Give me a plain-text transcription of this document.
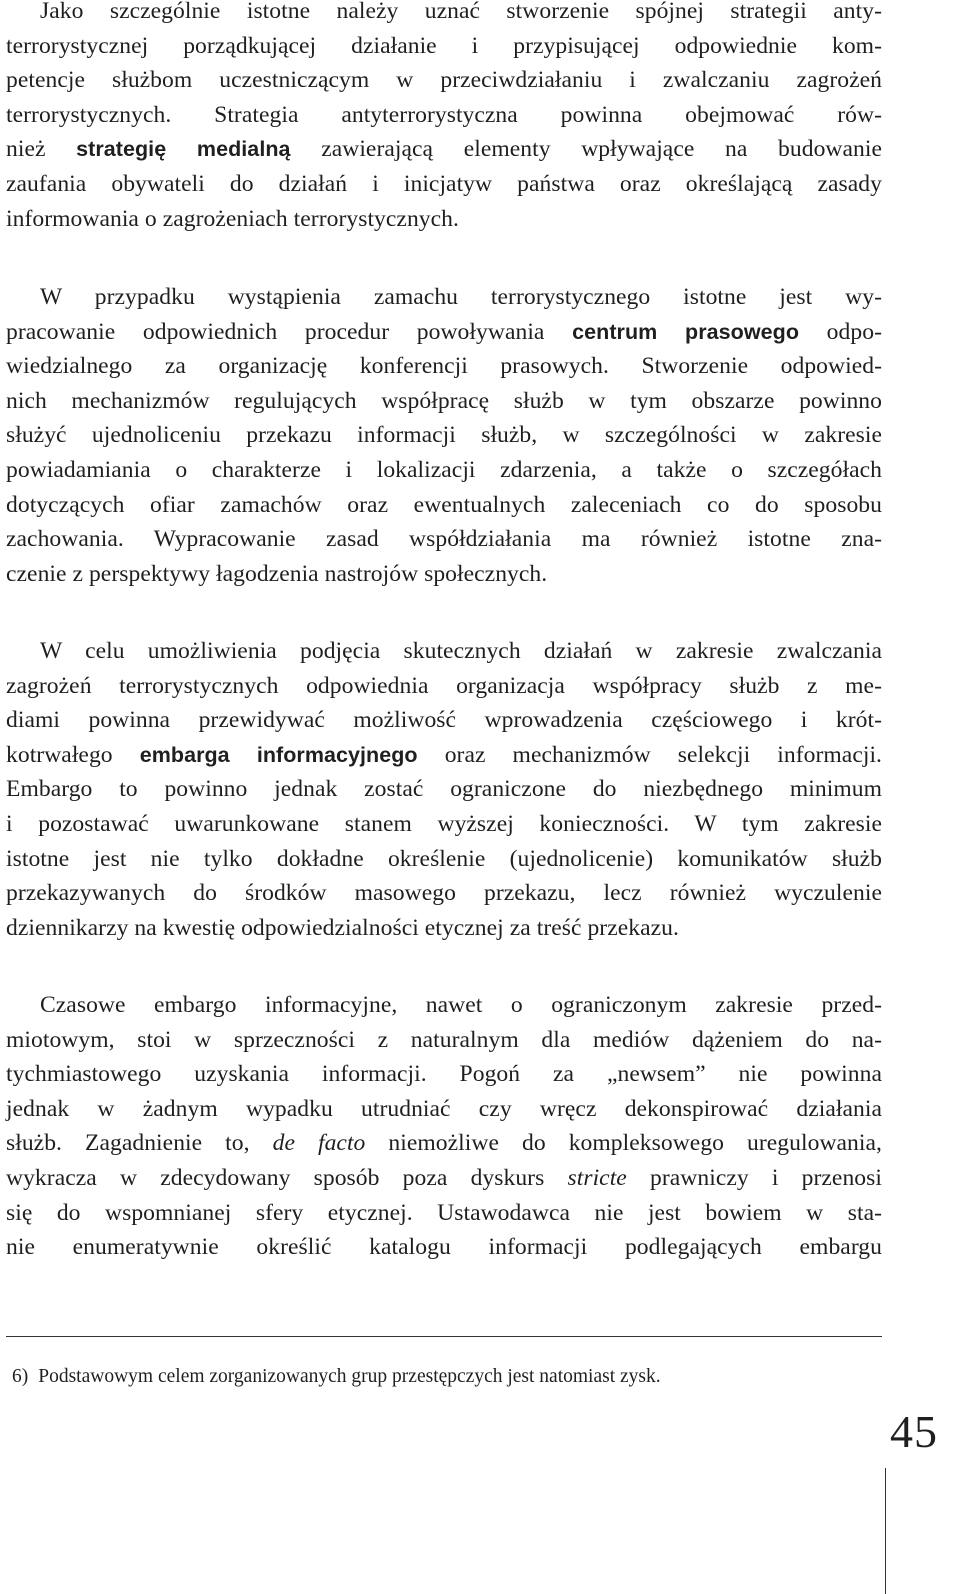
Jako szczególnie istotne należy uznać stworzenie spójnej strategii anty-
terrorystycznej porządkującej działanie i przypisującej odpowiednie kom-
petencje służbom uczestniczącym w przeciwdziałaniu i zwalczaniu zagrożeń
terrorystycznych. Strategia antyterrorystyczna powinna obejmować rów-
nież strategię medialną zawierającą elementy wpływające na budowanie
zaufania obywateli do działań i inicjatyw państwa oraz określającą zasady
informowania o zagrożeniach terrorystycznych.

W przypadku wystąpienia zamachu terrorystycznego istotne jest wy-
pracowanie odpowiednich procedur powoływania centrum prasowego odpo-
wiedzialnego za organizację konferencji prasowych. Stworzenie odpowied-
nich mechanizmów regulujących współpracę służb w tym obszarze powinno
służyć ujednoliceniu przekazu informacji służb, w szczególności w zakresie
powiadamiania o charakterze i lokalizacji zdarzenia, a także o szczegółach
dotyczących ofiar zamachów oraz ewentualnych zaleceniach co do sposobu
zachowania. Wypracowanie zasad współdziałania ma również istotne zna-
czenie z perspektywy łagodzenia nastrojów społecznych.

W celu umożliwienia podjęcia skutecznych działań w zakresie zwalczania
zagrożeń terrorystycznych odpowiednia organizacja współpracy służb z me-
diami powinna przewidywać możliwość wprowadzenia częściowego i krót-
kotrwałego embarga informacyjnego oraz mechanizmów selekcji informacji.
Embargo to powinno jednak zostać ograniczone do niezbędnego minimum
i pozostawać uwarunkowane stanem wyższej konieczności. W tym zakresie
istotne jest nie tylko dokładne określenie (ujednolicenie) komunikatów służb
przekazywanych do środków masowego przekazu, lecz również wyczulenie
dziennikarzy na kwestię odpowiedzialności etycznej za treść przekazu.

Czasowe embargo informacyjne, nawet o ograniczonym zakresie przed-
miotowym, stoi w sprzeczności z naturalnym dla mediów dążeniem do na-
tychmiastowego uzyskania informacji. Pogoń za „newsem” nie powinna
jednak w żadnym wypadku utrudniać czy wręcz dekonspirować działania
służb. Zagadnienie to, de facto niemożliwe do kompleksowego uregulowania,
wykracza w zdecydowany sposób poza dyskurs stricte prawniczy i przenosi
się do wspomnianej sfery etycznej. Ustawodawca nie jest bowiem w sta-
nie enumeratywnie określić katalogu informacji podlegających embargu

6) Podstawowym celem zorganizowanych grup przestępczych jest natomiast zysk.
45
